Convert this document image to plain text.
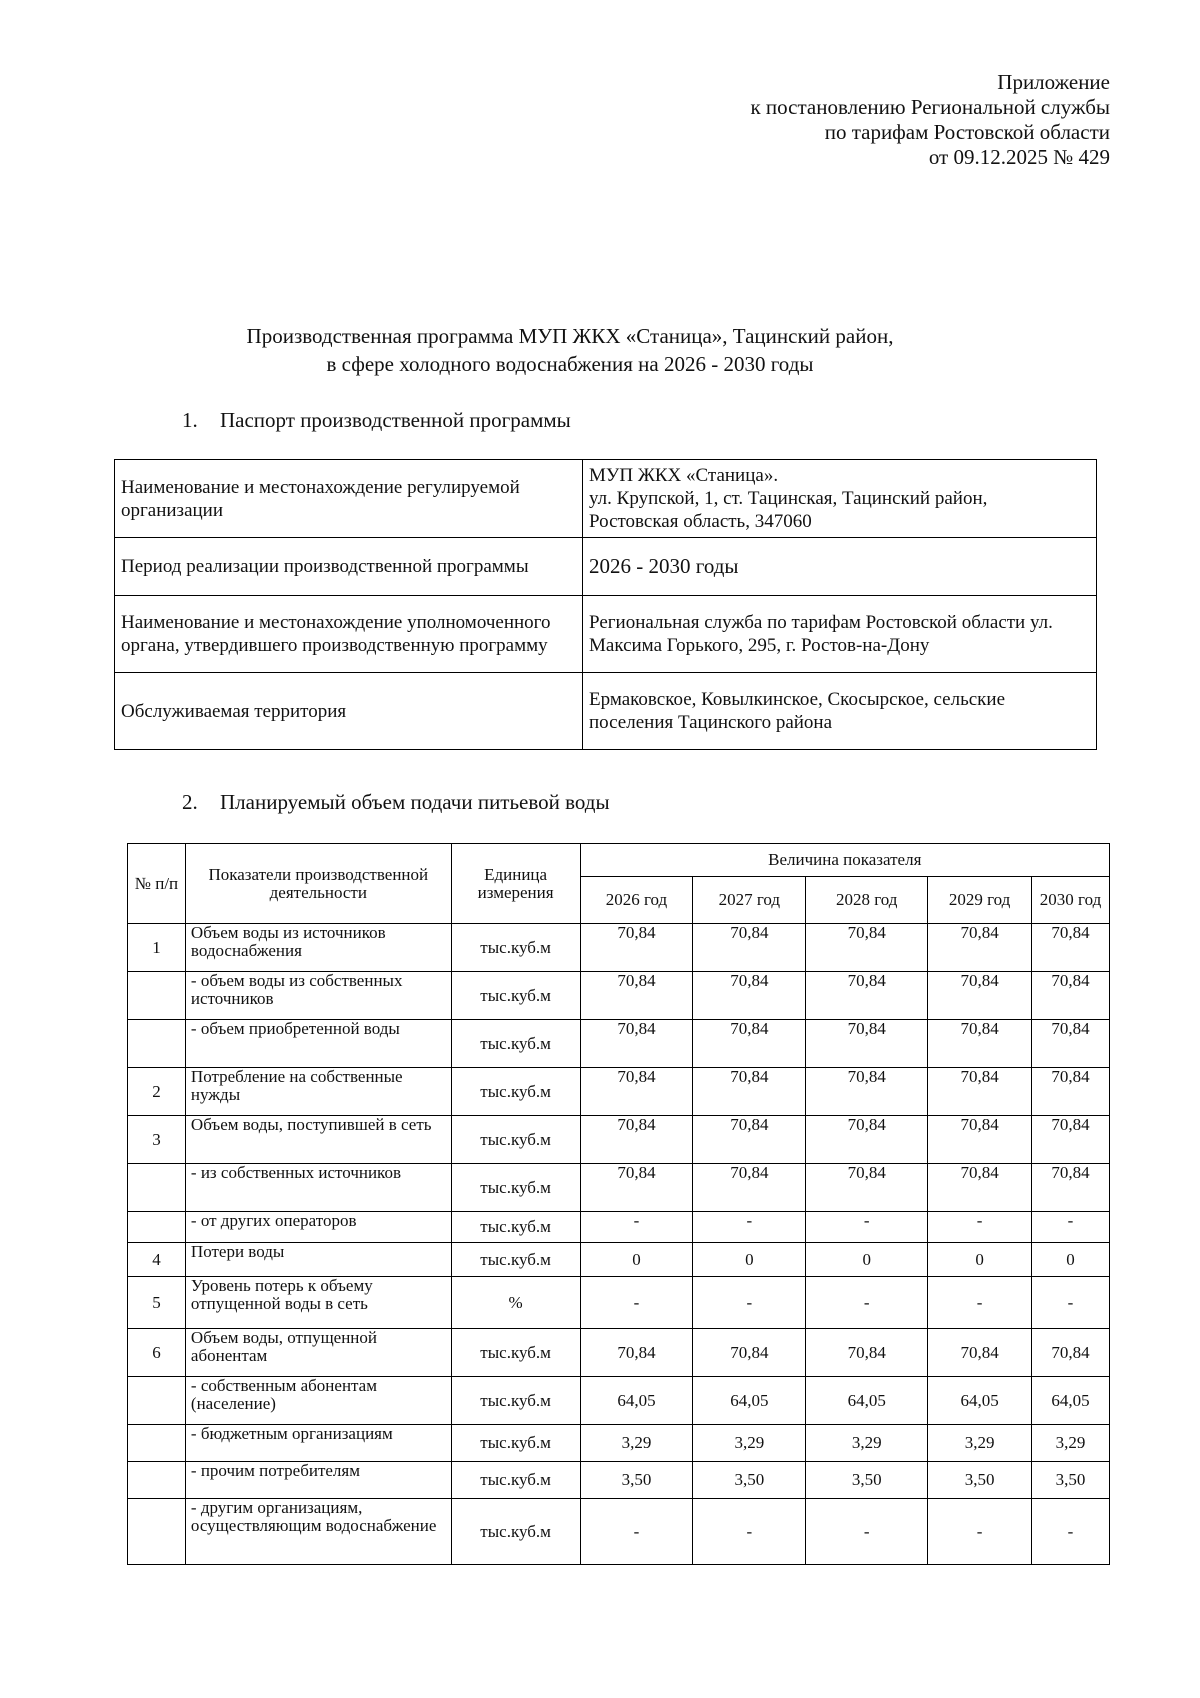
Приложение
к постановлению Региональной службы
по тарифам Ростовской области
от 09.12.2025 № 429
Производственная программа МУП ЖКХ «Станица», Тацинский район,
в сфере холодного водоснабжения на 2026 - 2030 годы
1. Паспорт производственной программы
Наименование и местонахождение регулируемой организации	МУП ЖКХ «Станица».
ул. Крупской, 1, ст. Тацинская, Тацинский район,
Ростовская область, 347060

Период реализации производственной программы	2026 - 2030 годы
Наименование и местонахождение уполномоченного органа, утвердившего производственную программу	Региональная служба по тарифам Ростовской области ул. Максима Горького, 295, г. Ростов-на-Дону
Обслуживаемая территория	Ермаковское, Ковылкинское, Скосырское, сельские поселения Тацинского района
2. Планируемый объем подачи питьевой воды
№ п/п	Показатели производственной деятельности	Единица измерения	Величина показателя				
			2026 год	2027 год	2028 год	2029 год	2030 год
1	Объем воды из источников водоснабжения	тыс.куб.м	70,84	70,84	70,84	70,84	70,84
	- объем воды из собственных источников	тыс.куб.м	70,84	70,84	70,84	70,84	70,84
	- объем приобретенной воды	тыс.куб.м	70,84	70,84	70,84	70,84	70,84
2	Потребление на собственные нужды	тыс.куб.м	70,84	70,84	70,84	70,84	70,84
3	Объем воды, поступившей в сеть	тыс.куб.м	70,84	70,84	70,84	70,84	70,84
	- из собственных источников	тыс.куб.м	70,84	70,84	70,84	70,84	70,84
	- от других операторов	тыс.куб.м	-	-	-	-	-
4	Потери воды	тыс.куб.м	0	0	0	0	0
5	Уровень потерь к объему отпущенной воды в сеть	%	-	-	-	-	-
6	Объем воды, отпущенной абонентам	тыс.куб.м	70,84	70,84	70,84	70,84	70,84
	- собственным абонентам (население)	тыс.куб.м	64,05	64,05	64,05	64,05	64,05
	- бюджетным организациям	тыс.куб.м	3,29	3,29	3,29	3,29	3,29
	- прочим потребителям	тыс.куб.м	3,50	3,50	3,50	3,50	3,50
	- другим организациям, осуществляющим водоснабжение	тыс.куб.м	-	-	-	-	-
